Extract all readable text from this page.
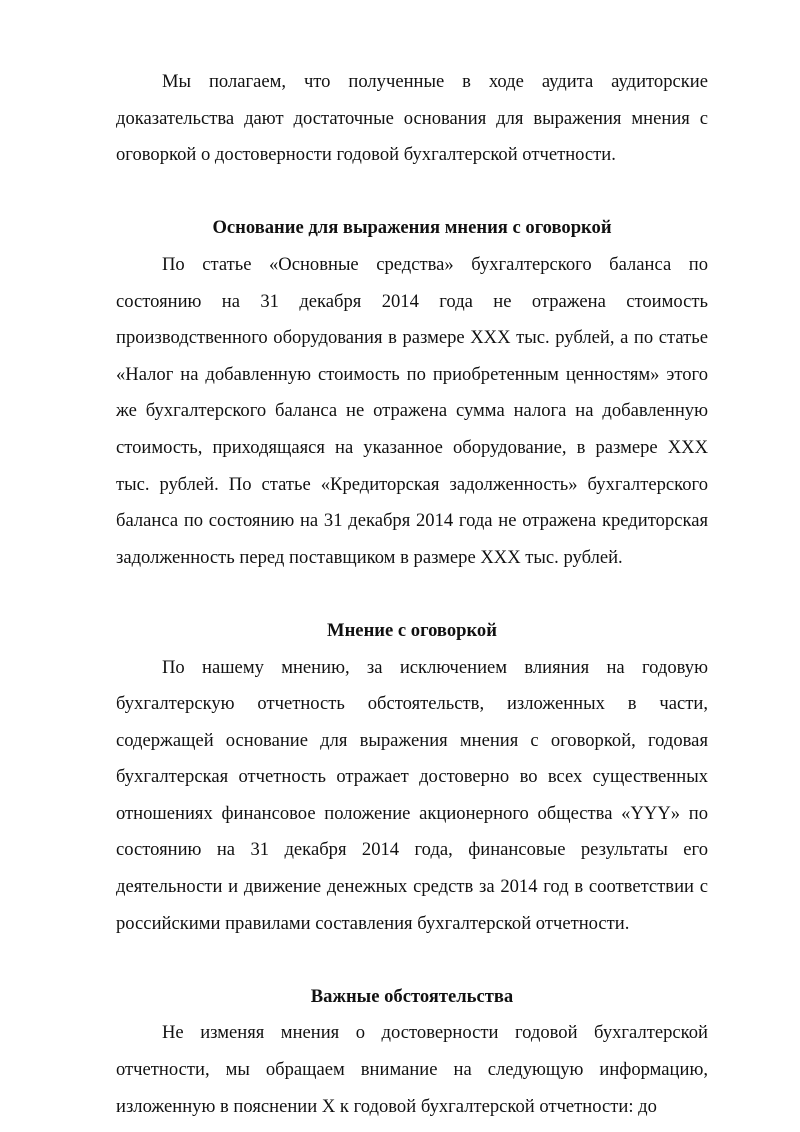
Мы полагаем, что полученные в ходе аудита аудиторские доказательства дают достаточные основания для выражения мнения с оговоркой о достоверности годовой бухгалтерской отчетности.

Основание для выражения мнения с оговоркой

По статье «Основные средства» бухгалтерского баланса по состоянию на 31 декабря 2014 года не отражена стоимость производственного оборудования в размере ХХХ тыс. рублей, а по статье «Налог на добавленную стоимость по приобретенным ценностям» этого же бухгалтерского баланса не отражена сумма налога на добавленную стоимость, приходящаяся на указанное оборудование, в размере ХХХ тыс. рублей. По статье «Кредиторская задолженность» бухгалтерского баланса по состоянию на 31 декабря 2014 года не отражена кредиторская задолженность перед поставщиком в размере ХХХ тыс. рублей.

Мнение с оговоркой

По нашему мнению, за исключением влияния на годовую бухгалтерскую отчетность обстоятельств, изложенных в части, содержащей основание для выражения мнения с оговоркой, годовая бухгалтерская отчетность отражает достоверно во всех существенных отношениях финансовое положение акционерного общества «YYY» по состоянию на 31 декабря 2014 года, финансовые результаты его деятельности и движение денежных средств за 2014 год в соответствии с российскими правилами составления бухгалтерской отчетности.

Важные обстоятельства

Не изменяя мнения о достоверности годовой бухгалтерской отчетности, мы обращаем внимание на следующую информацию, изложенную в пояснении Х к годовой бухгалтерской отчетности: до
